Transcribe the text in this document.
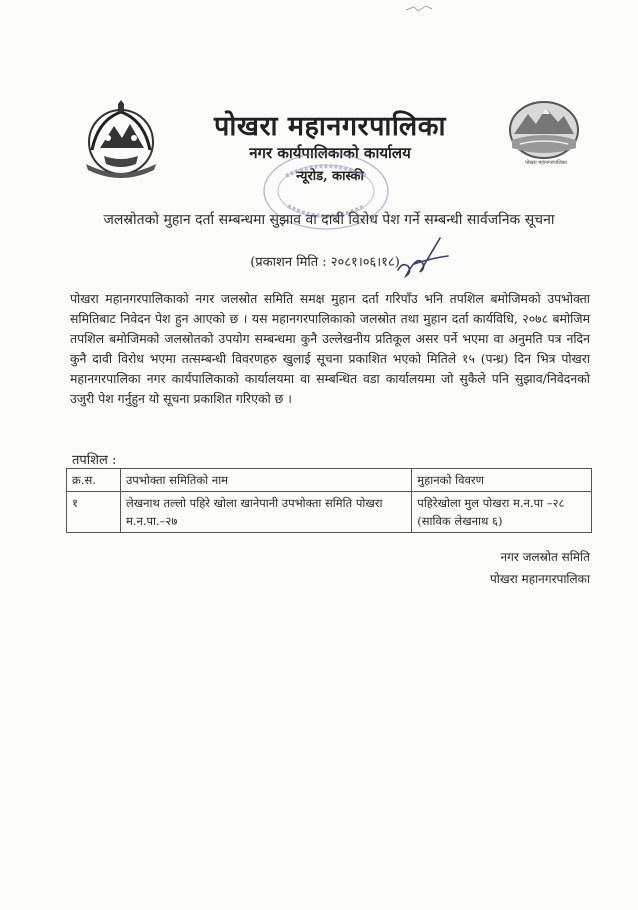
पोखरा महानगरपालिका
पोखरा महानगरपालिका
नगर कार्यपालिकाको कार्यालय
न्यूरोड, कास्की
जलस्रोतको मुहान दर्ता सम्बन्धमा सुझाव वा दाबी विरोध पेश गर्ने सम्बन्धी सार्वजनिक सूचना
(प्रकाशन मिति : २०८१।०६।१८)
पोखरा महानगरपालिकाको नगर जलस्रोत समिति समक्ष मुहान दर्ता गरिपाँउ भनि तपशिल बमोजिमको उपभोक्ता समितिबाट निवेदन पेश हुन आएको छ । यस महानगरपालिकाको जलस्रोत तथा मुहान दर्ता कार्यविधि, २०७८ बमोजिम तपशिल बमोजिमको जलस्रोतको उपयोग सम्बन्धमा कुनै उल्लेखनीय प्रतिकूल असर पर्ने भएमा वा अनुमति पत्र नदिन कुनै दावी विरोध भएमा तत्सम्बन्धी विवरणहरु खुलाई सूचना प्रकाशित भएको मितिले १५ (पन्ध्र) दिन भित्र पोखरा महानगरपालिका नगर कार्यपालिकाको कार्यालयमा वा सम्बन्धित वडा कार्यालयमा जो सुकैले पनि सुझाव/निवेदनको उजुरी पेश गर्नुहुन यो सूचना प्रकाशित गरिएको छ ।
तपशिल :
क्र.स.	उपभोक्ता समितिको नाम	मुहानको विवरण
१	लेखनाथ तल्लो पहिरे खोला खानेपानी उपभोक्ता समिति पोखरा म.न.पा.–२७	पहिरेखोला मुल पोखरा म.न.पा –२८ (साविक लेखनाथ ६)
नगर जलस्रोत समिति
पोखरा महानगरपालिका
